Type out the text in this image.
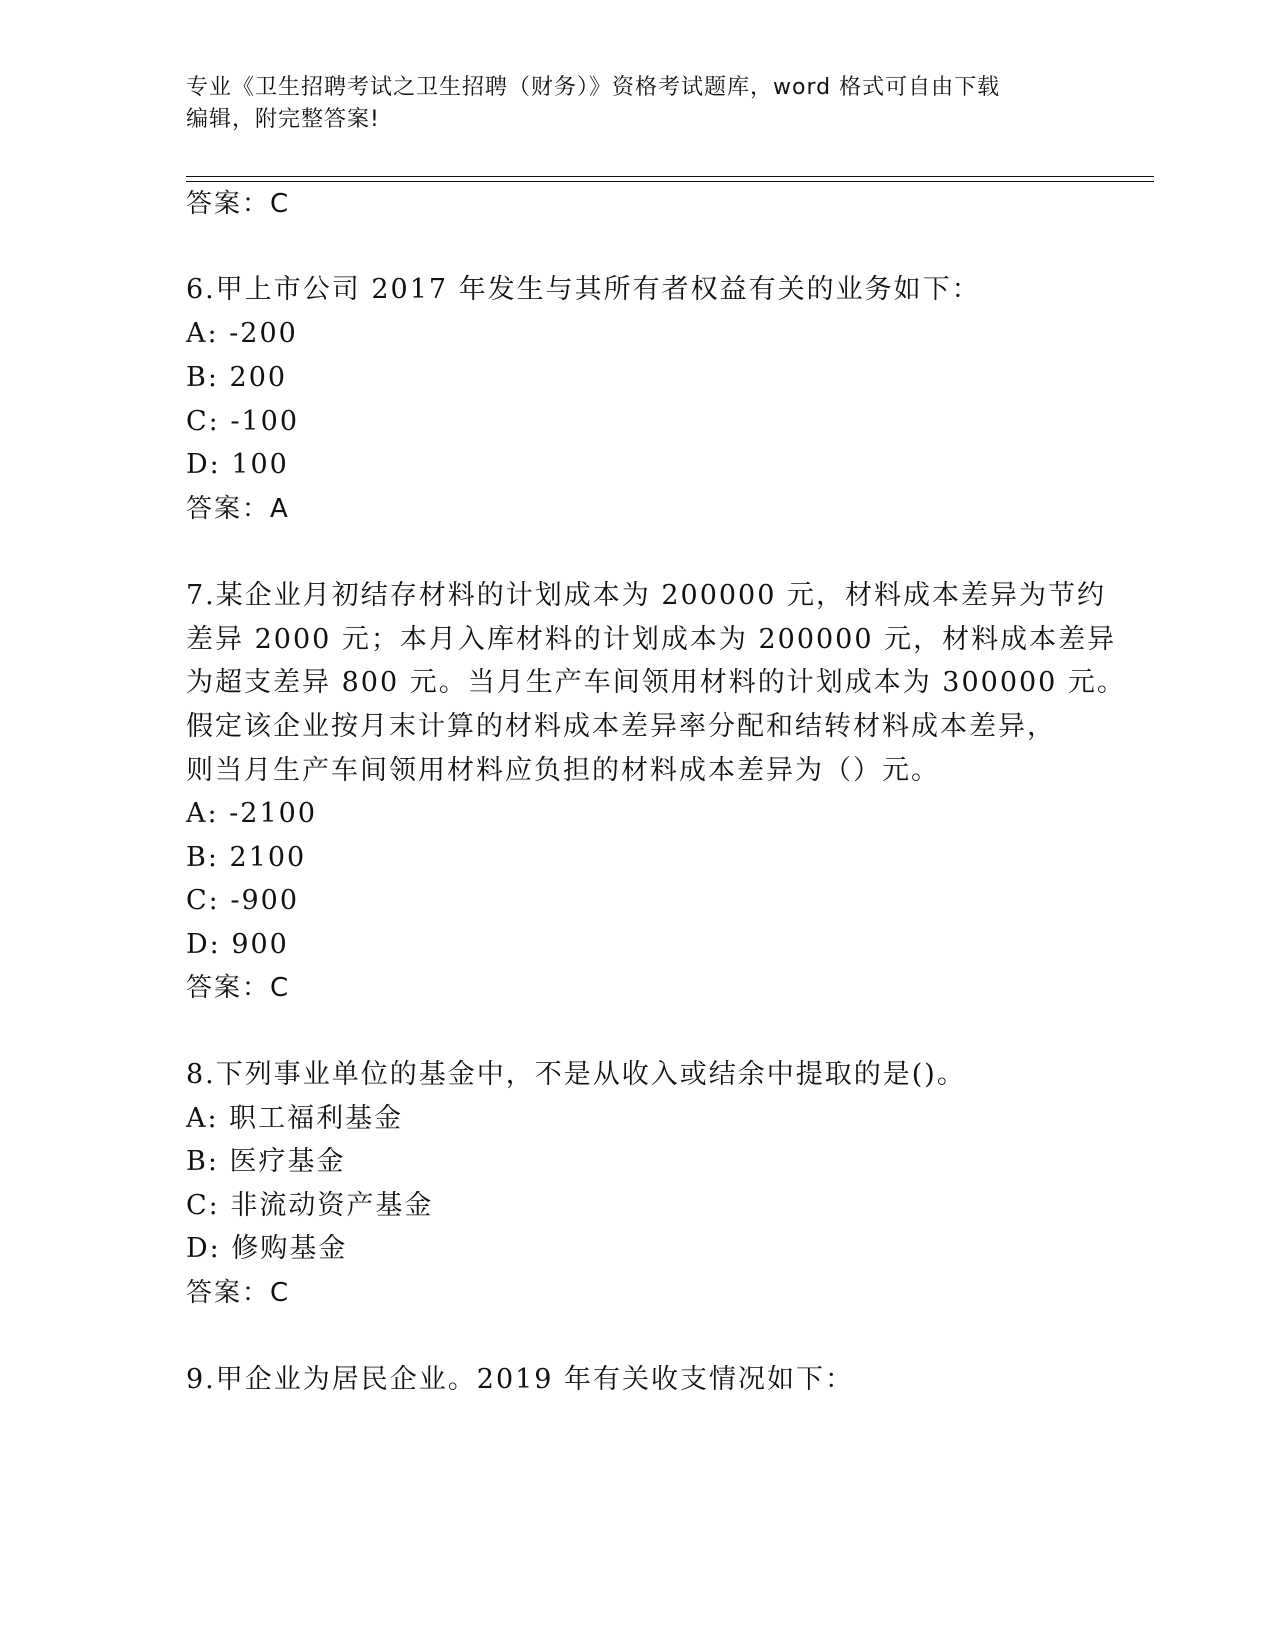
专业《卫生招聘考试之卫生招聘（财务）》资格考试题库，word 格式可自由下载
编辑，附完整答案!
答案：C
6.甲上市公司 2017 年发生与其所有者权益有关的业务如下：
A: -200
B: 200
C: -100
D: 100
答案：A
7.某企业月初结存材料的计划成本为 200000 元，材料成本差异为节约
差异 2000 元；本月入库材料的计划成本为 200000 元，材料成本差异
为超支差异 800 元。当月生产车间领用材料的计划成本为 300000 元。
假定该企业按月末计算的材料成本差异率分配和结转材料成本差异，
则当月生产车间领用材料应负担的材料成本差异为（）元。
A: -2100
B: 2100
C: -900
D: 900
答案：C
8.下列事业单位的基金中，不是从收入或结余中提取的是()。
A: 职工福利基金
B: 医疗基金
C: 非流动资产基金
D: 修购基金
答案：C
9.甲企业为居民企业。2019 年有关收支情况如下：
